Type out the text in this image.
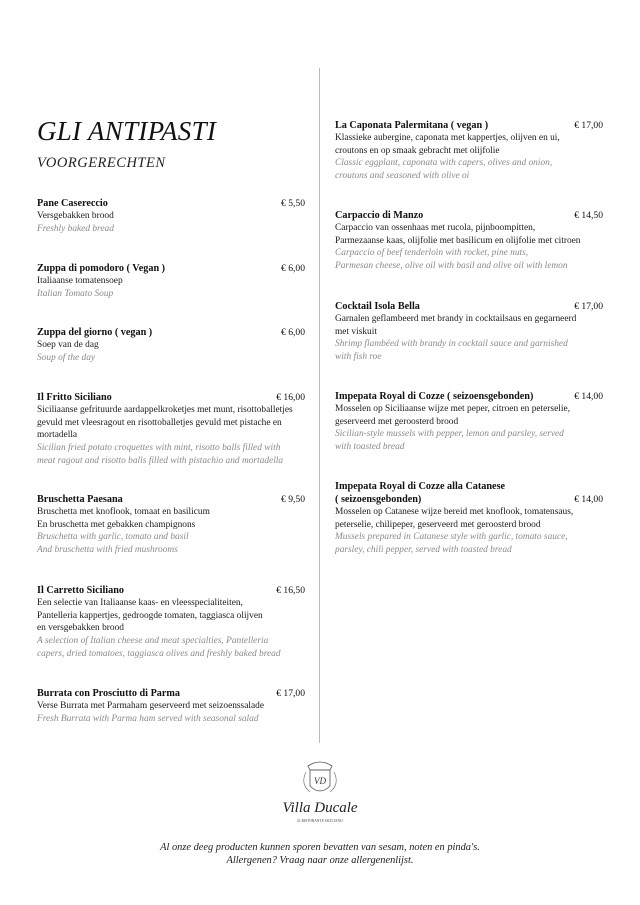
GLI ANTIPASTI
VOORGERECHTEN
Pane Casereccio	€ 5,50
Versgebakken brood
Freshly baked bread
Zuppa di pomodoro ( Vegan )	€ 6,00
Italiaanse tomatensoep
Italian Tomato Soup
Zuppa del giorno ( vegan )	€ 6,00
Soep van de dag
Soup of the day
Il Fritto Siciliano	€ 16,00
Siciliaanse gefrituurde aardappelkroketjes met munt, risottoballetjes
gevuld met vleesragout en risottoballetjes gevuld met pistache en
mortadella
Sicilian fried potato croquettes with mint, risotto balls filled with
meat ragout and risotto balls filled with pistachio and mortadella
Bruschetta Paesana	€ 9,50
Bruschetta met knoflook, tomaat en basilicum
En bruschetta met gebakken champignons
Bruschetta with garlic, tomato and basil
And bruschetta with fried mushrooms
Il Carretto Siciliano	€ 16,50
Een selectie van Italiaanse kaas- en vleesspecialiteiten,
Pantelleria kappertjes, gedroogde tomaten, taggiasca olijven
en versgebakken brood
A selection of Italian cheese and meat specialties, Pantelleria
capers, dried tomatoes, taggiasca olives and freshly baked bread
Burrata con Prosciutto di Parma	€ 17,00
Verse Burrata met Parmaham geserveerd met seizoenssalade
Fresh Burrata with Parma ham served with seasonal salad
La Caponata Palermitana ( vegan )	€ 17,00
Klassieke aubergine, caponata met kappertjes, olijven en ui,
croutons en op smaak gebracht met olijfolie
Classic eggplant, caponata with capers, olives and onion,
croutons and seasoned with olive oi
Carpaccio di Manzo	€ 14,50
Carpaccio van ossenhaas met rucola, pijnboompitten,
Parmezaanse kaas, olijfolie met basilicum en olijfolie met citroen
Carpaccio of beef tenderloin with rocket, pine nuts,
Parmesan cheese, olive oil with basil and olive oil with lemon
Cocktail Isola Bella	€ 17,00
Garnalen geflambeerd met brandy in cocktailsaus en gegarneerd
met viskuit
Shrimp flambéed with brandy in cocktail sauce and garnished
with fish roe
Impepata Royal di Cozze ( seizoensgebonden)	€ 14,00
Mosselen op Siciliaanse wijze met peper, citroen en peterselie,
geserveerd met geroosterd brood
Sicilian-style mussels with pepper, lemon and parsley, served
with toasted bread
Impepata Royal di Cozze alla Catanese
( seizoensgebonden)	€ 14,00
Mosselen op Catanese wijze bereid met knoflook, tomatensaus,
peterselie, chilipeper, geserveerd met geroosterd brood
Mussels prepared in Catanese style with garlic, tomato sauce,
parsley, chili pepper, served with toasted bread
VD
Villa Ducale
IL RISTORANTE SICILIANO
Al onze deeg producten kunnen sporen bevatten van sesam, noten en pinda's.
Allergenen? Vraag naar onze allergenenlijst.
